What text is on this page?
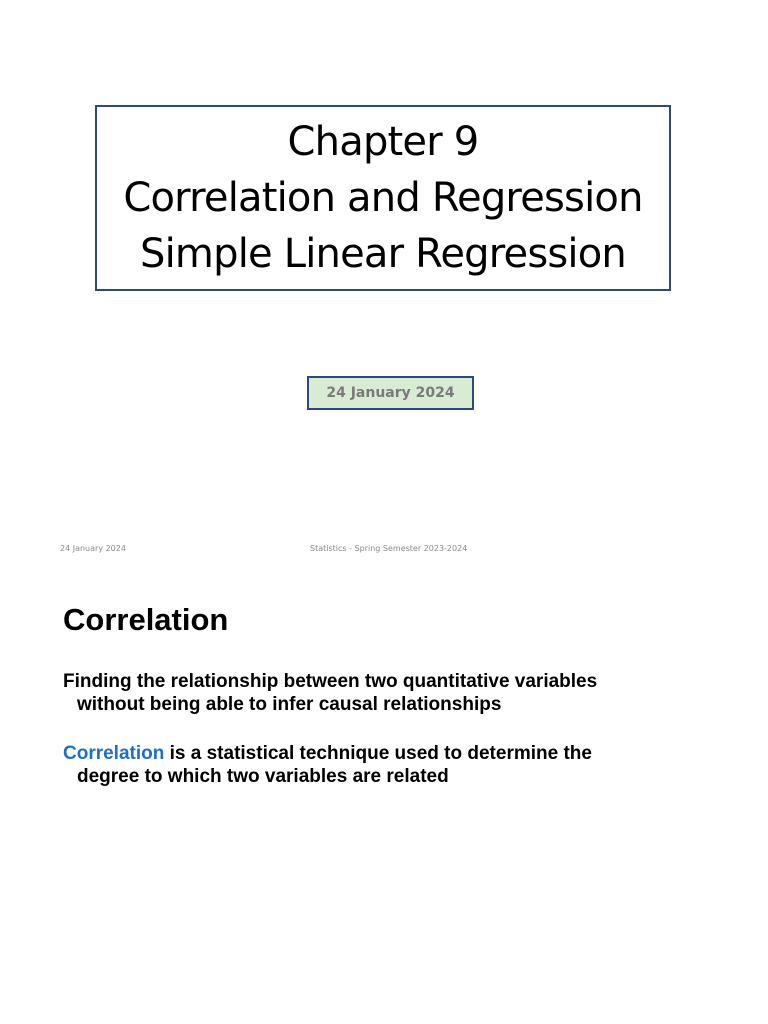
Chapter 9
Correlation and Regression
Simple Linear Regression
24 January 2024
24 January 2024	Statistics - Spring Semester 2023-2024
Correlation
Finding the relationship between two quantitative variables
without being able to infer causal relationships
Correlation is a statistical technique used to determine the
degree to which two variables are related
